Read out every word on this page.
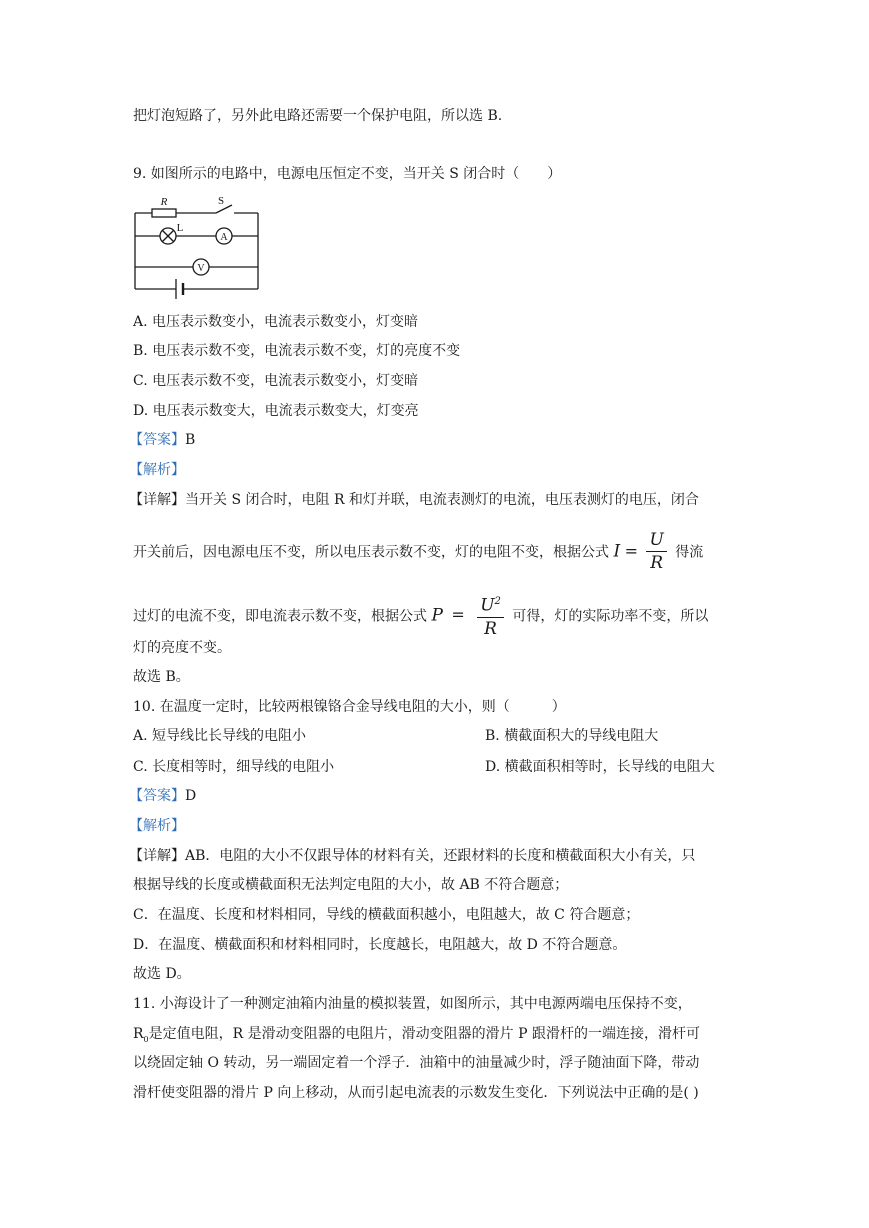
把灯泡短路了，另外此电路还需要一个保护电阻，所以选 B.
9. 如图所示的电路中，电源电压恒定不变，当开关 S 闭合时（　　）
R	S
L
A
V
A. 电压表示数变小，电流表示数变小，灯变暗
B. 电压表示数不变，电流表示数不变，灯的亮度不变
C. 电压表示数不变，电流表示数变小，灯变暗
D. 电压表示数变大，电流表示数变大，灯变亮
【答案】B
【解析】
【详解】当开关 S 闭合时，电阻 R 和灯并联，电流表测灯的电流，电压表测灯的电压，闭合
开关前后，因电源电压不变，所以电压表示数不变，灯的电阻不变，根据公式 $I = \frac{U}{R}$ 得流
过灯的电流不变，即电流表示数不变，根据公式 $P = \frac{U^2}{R}$ 可得，灯的实际功率不变，所以
灯的亮度不变。
故选 B。
10. 在温度一定时，比较两根镍铬合金导线电阻的大小，则（　　　）
A. 短导线比长导线的电阻小	B. 横截面积大的导线电阻大
C. 长度相等时，细导线的电阻小	D. 横截面积相等时，长导线的电阻大
【答案】D
【解析】
【详解】AB．电阻的大小不仅跟导体的材料有关，还跟材料的长度和横截面积大小有关，只
根据导线的长度或横截面积无法判定电阻的大小，故 AB 不符合题意；
C．在温度、长度和材料相同，导线的横截面积越小，电阻越大，故 C 符合题意；
D．在温度、横截面积和材料相同时，长度越长，电阻越大，故 D 不符合题意。
故选 D。
11. 小海设计了一种测定油箱内油量的模拟装置，如图所示，其中电源两端电压保持不变，
$R_0$是定值电阻，R 是滑动变阻器的电阻片，滑动变阻器的滑片 P 跟滑杆的一端连接，滑杆可
以绕固定轴 O 转动，另一端固定着一个浮子．油箱中的油量减少时，浮子随油面下降，带动
滑杆使变阻器的滑片 P 向上移动，从而引起电流表的示数发生变化．下列说法中正确的是( )
